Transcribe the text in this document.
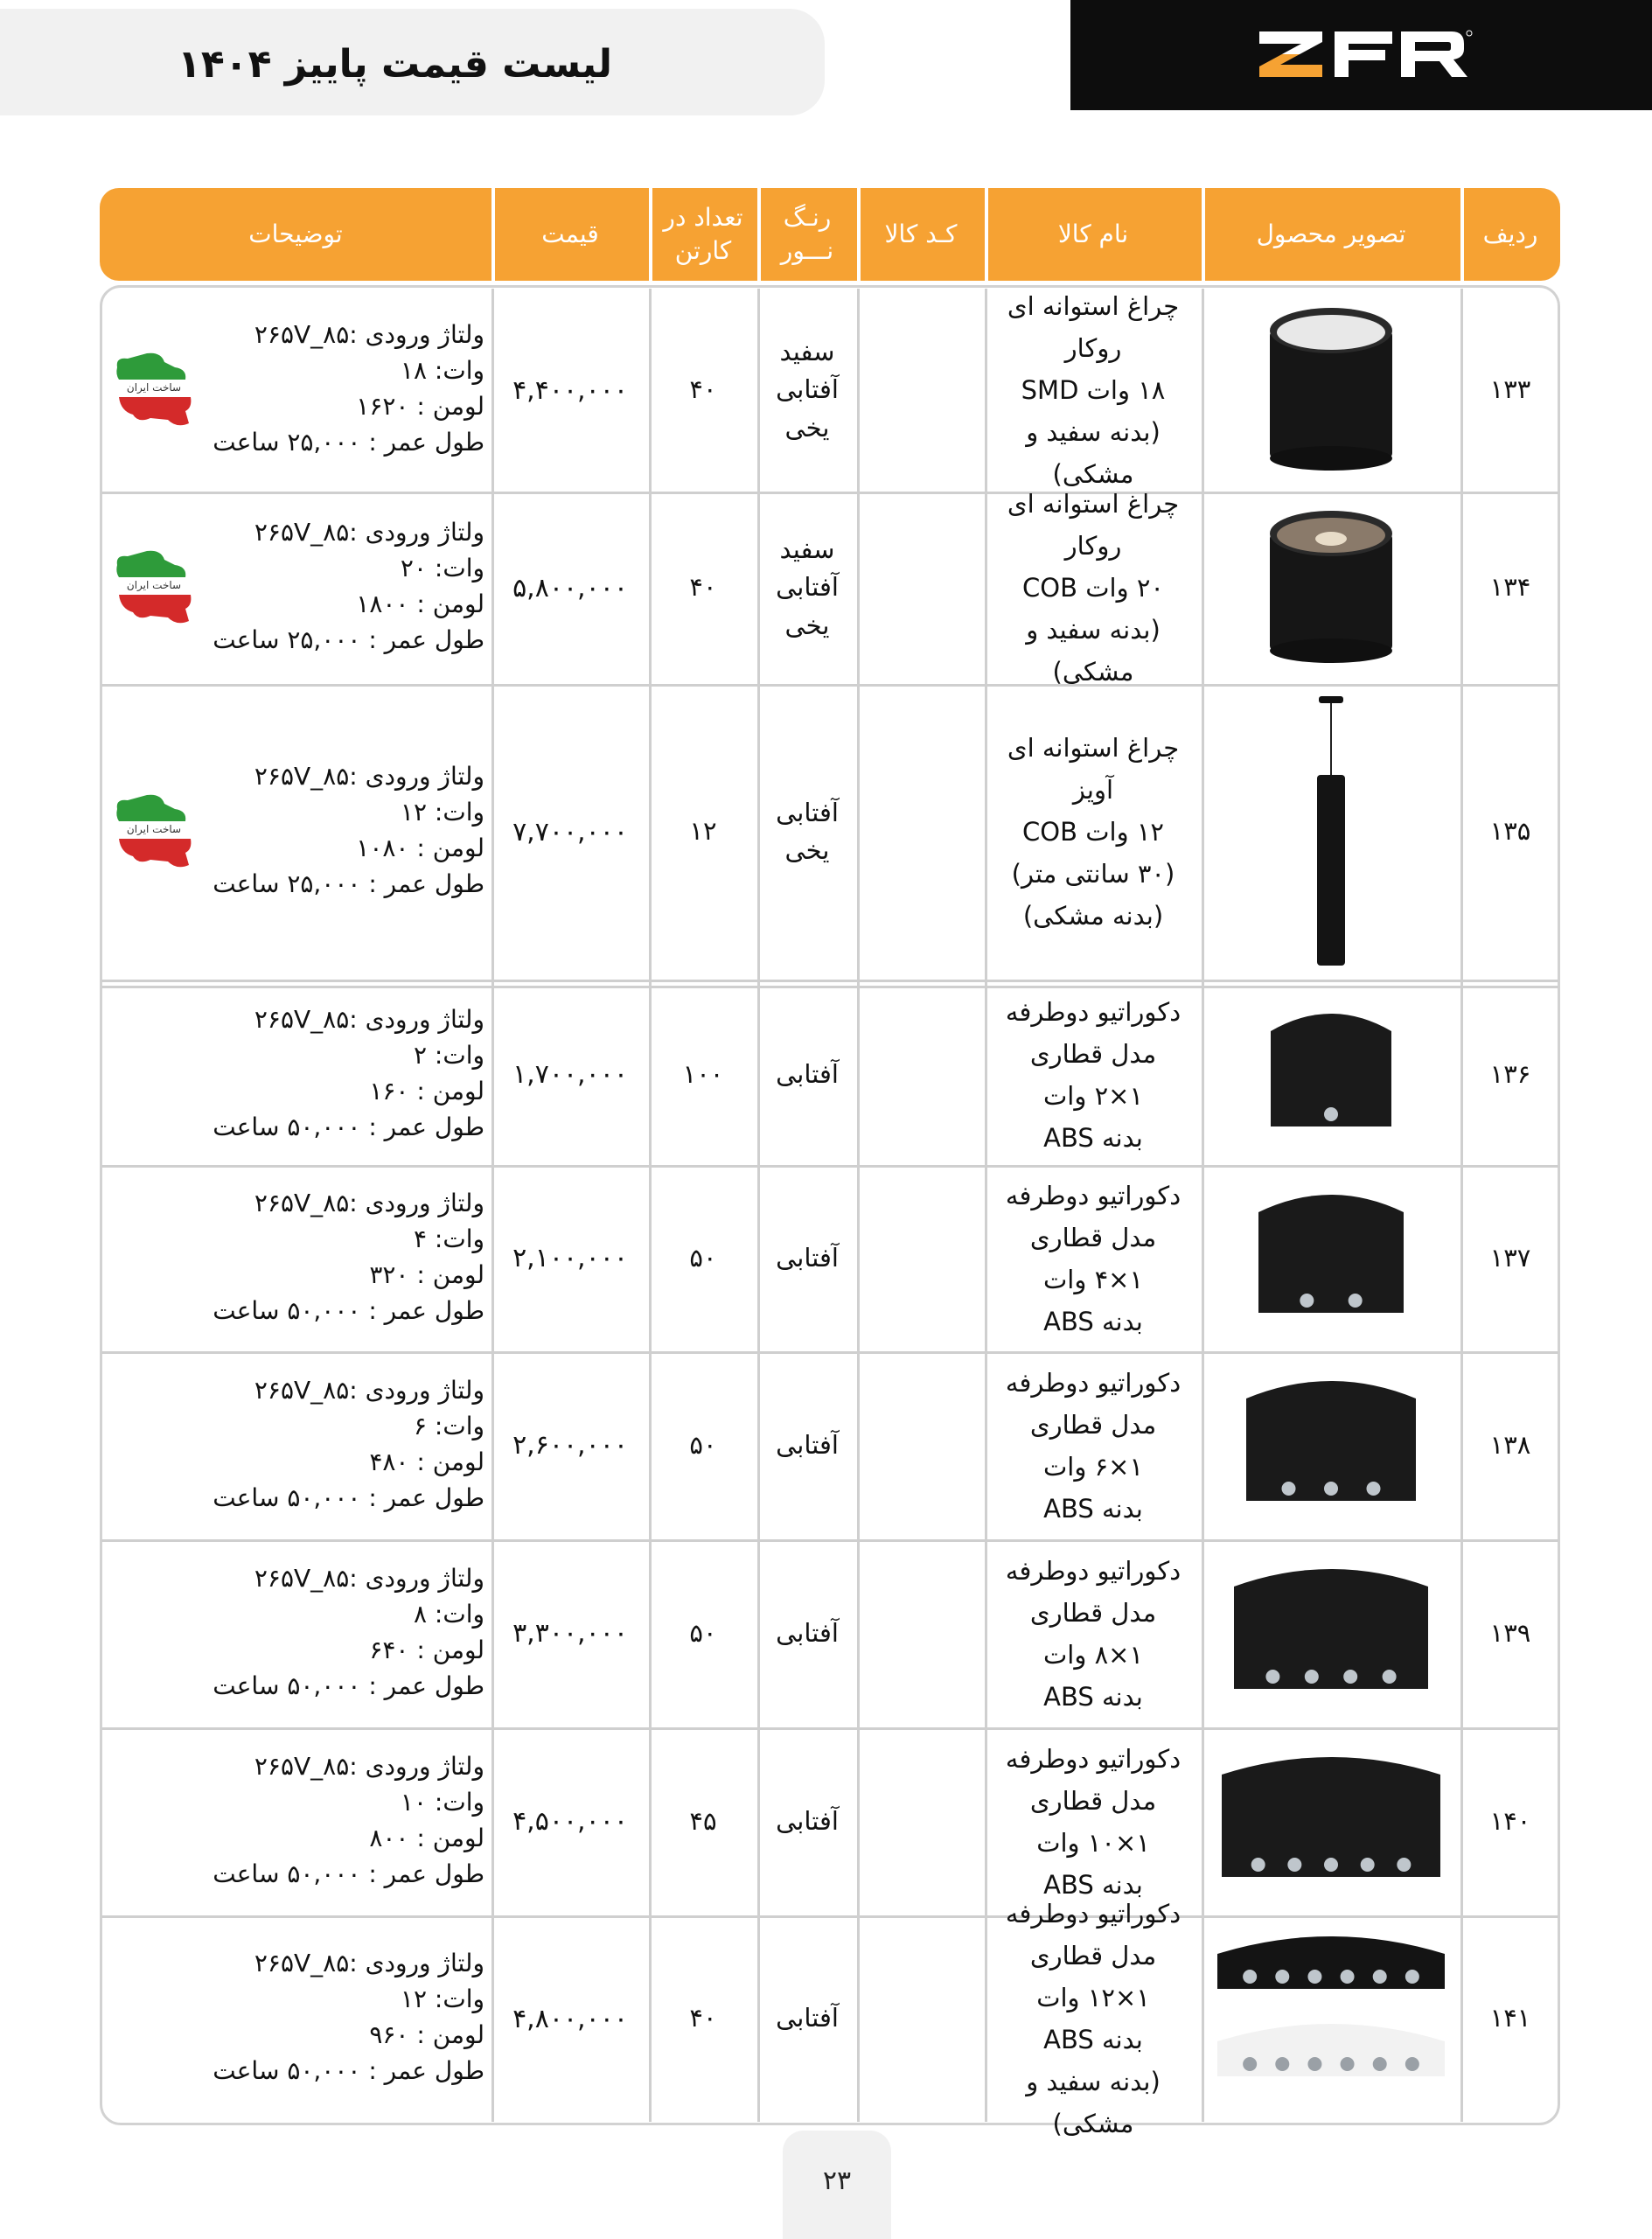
لیست قیمت پاییز ۱۴۰۴
ردیف
تصویر محصول
نام کالا
کـد کالا
رنـگ نـــور
تعداد در کارتن
قیمت
توضیحات
۱۳۳
چراغ استوانه ای روکار
۱۸ وات SMD
(بدنه سفید و مشکی)
سفید
آفتابی
یخی
۴۰
۴,۴۰۰,۰۰۰
ولتاژ ورودی :۸۵_۲۶۵V
وات: ۱۸
لومن : ۱۶۲۰
طول عمر : ۲۵,۰۰۰ ساعت
ساخت ایران
۱۳۴
چراغ استوانه ای روکار
۲۰ وات COB
(بدنه سفید و مشکی)
سفید
آفتابی
یخی
۴۰
۵,۸۰۰,۰۰۰
ولتاژ ورودی :۸۵_۲۶۵V
وات: ۲۰
لومن : ۱۸۰۰
طول عمر : ۲۵,۰۰۰ ساعت
ساخت ایران
۱۳۵
چراغ استوانه ای آویز
۱۲ وات COB
(۳۰ سانتی متر)
(بدنه مشکی)
آفتابی
یخی
۱۲
۷,۷۰۰,۰۰۰
ولتاژ ورودی :۸۵_۲۶۵V
وات: ۱۲
لومن : ۱۰۸۰
طول عمر : ۲۵,۰۰۰ ساعت
ساخت ایران
۱۳۶
دکوراتیو دوطرفه
مدل قطاری
۱×۲ وات
بدنه ABS
آفتابی
۱۰۰
۱,۷۰۰,۰۰۰
ولتاژ ورودی :۸۵_۲۶۵V
وات: ۲
لومن : ۱۶۰
طول عمر : ۵۰,۰۰۰ ساعت
۱۳۷
دکوراتیو دوطرفه
مدل قطاری
۱×۴ وات
بدنه ABS
آفتابی
۵۰
۲,۱۰۰,۰۰۰
ولتاژ ورودی :۸۵_۲۶۵V
وات: ۴
لومن : ۳۲۰
طول عمر : ۵۰,۰۰۰ ساعت
۱۳۸
دکوراتیو دوطرفه
مدل قطاری
۱×۶ وات
بدنه ABS
آفتابی
۵۰
۲,۶۰۰,۰۰۰
ولتاژ ورودی :۸۵_۲۶۵V
وات: ۶
لومن : ۴۸۰
طول عمر : ۵۰,۰۰۰ ساعت
۱۳۹
دکوراتیو دوطرفه
مدل قطاری
۱×۸ وات
بدنه ABS
آفتابی
۵۰
۳,۳۰۰,۰۰۰
ولتاژ ورودی :۸۵_۲۶۵V
وات: ۸
لومن : ۶۴۰
طول عمر : ۵۰,۰۰۰ ساعت
۱۴۰
دکوراتیو دوطرفه
مدل قطاری
۱×۱۰ وات
بدنه ABS
آفتابی
۴۵
۴,۵۰۰,۰۰۰
ولتاژ ورودی :۸۵_۲۶۵V
وات: ۱۰
لومن : ۸۰۰
طول عمر : ۵۰,۰۰۰ ساعت
۱۴۱
دکوراتیو دوطرفه
مدل قطاری
۱×۱۲ وات
بدنه ABS
(بدنه سفید و مشکی)
آفتابی
۴۰
۴,۸۰۰,۰۰۰
ولتاژ ورودی :۸۵_۲۶۵V
وات: ۱۲
لومن : ۹۶۰
طول عمر : ۵۰,۰۰۰ ساعت
۲۳
